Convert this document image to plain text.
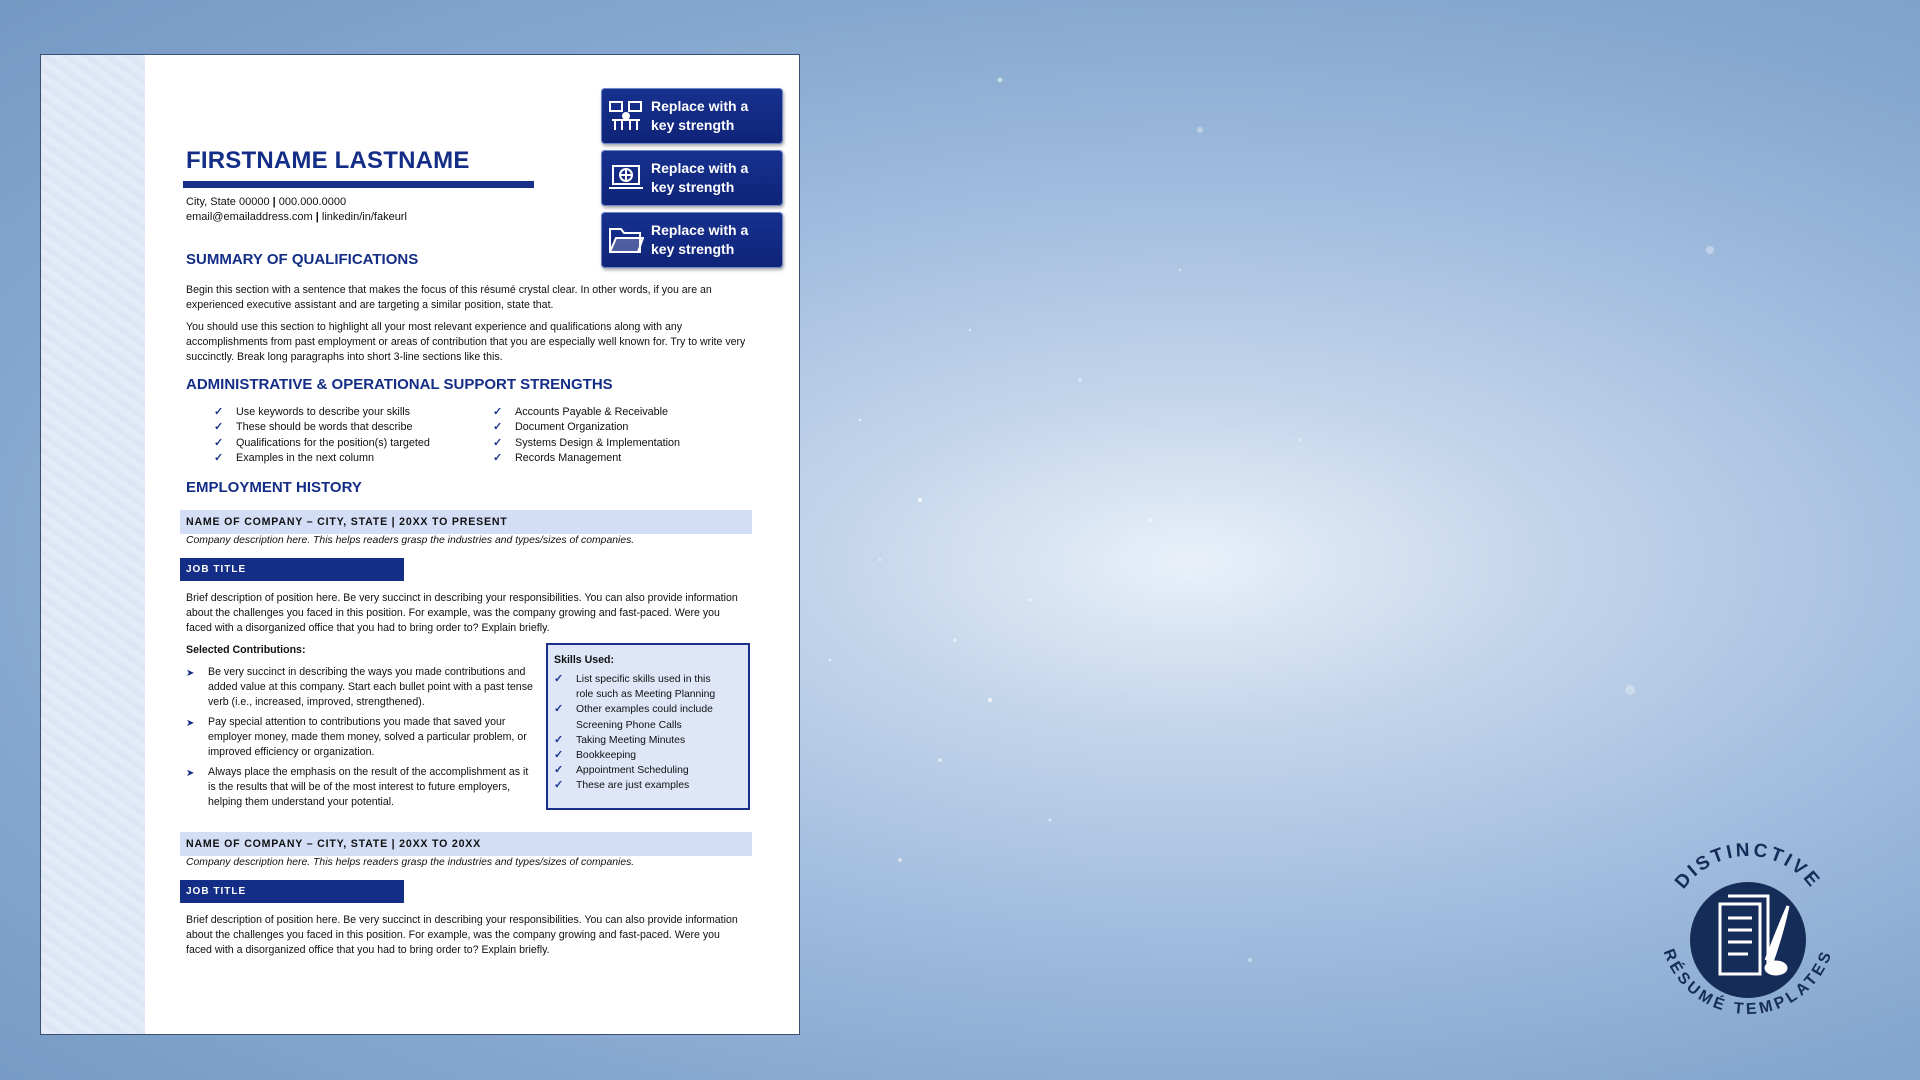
FIRSTNAME LASTNAME
City, State 00000 | 000.000.0000
email@emailaddress.com | linkedin/in/fakeurl
Replace with a
key strength
Replace with a
key strength
Replace with a
key strength
SUMMARY OF QUALIFICATIONS
Begin this section with a sentence that makes the focus of this résumé crystal clear. In other words, if you are an experienced executive assistant and are targeting a similar position, state that.
You should use this section to highlight all your most relevant experience and qualifications along with any accomplishments from past employment or areas of contribution that you are especially well known for. Try to write very succinctly. Break long paragraphs into short 3-line sections like this.
ADMINISTRATIVE & OPERATIONAL SUPPORT STRENGTHS
✓	Use keywords to describe your skills
✓	These should be words that describe
✓	Qualifications for the position(s) targeted
✓	Examples in the next column
✓	Accounts Payable & Receivable
✓	Document Organization
✓	Systems Design & Implementation
✓	Records Management
EMPLOYMENT HISTORY
NAME OF COMPANY – CITY, STATE | 20XX TO PRESENT
Company description here. This helps readers grasp the industries and types/sizes of companies.
JOB TITLE
Brief description of position here. Be very succinct in describing your responsibilities. You can also provide information about the challenges you faced in this position. For example, was the company growing and fast-paced. Were you faced with a disorganized office that you had to bring order to? Explain briefly.
Selected Contributions:
➤	Be very succinct in describing the ways you made contributions and added value at this company. Start each bullet point with a past tense verb (i.e., increased, improved, strengthened).
➤	Pay special attention to contributions you made that saved your employer money, made them money, solved a particular problem, or improved efficiency or organization.
➤	Always place the emphasis on the result of the accomplishment as it is the results that will be of the most interest to future employers, helping them understand your potential.
Skills Used:
✓	List specific skills used in this
role such as Meeting Planning
✓	Other examples could include
Screening Phone Calls
✓	Taking Meeting Minutes
✓	Bookkeeping
✓	Appointment Scheduling
✓	These are just examples
NAME OF COMPANY – CITY, STATE | 20XX TO 20XX
Company description here. This helps readers grasp the industries and types/sizes of companies.
JOB TITLE
Brief description of position here. Be very succinct in describing your responsibilities. You can also provide information about the challenges you faced in this position. For example, was the company growing and fast-paced. Were you faced with a disorganized office that you had to bring order to? Explain briefly.
DISTINCTIVE
RÉSUMÉ TEMPLATES
